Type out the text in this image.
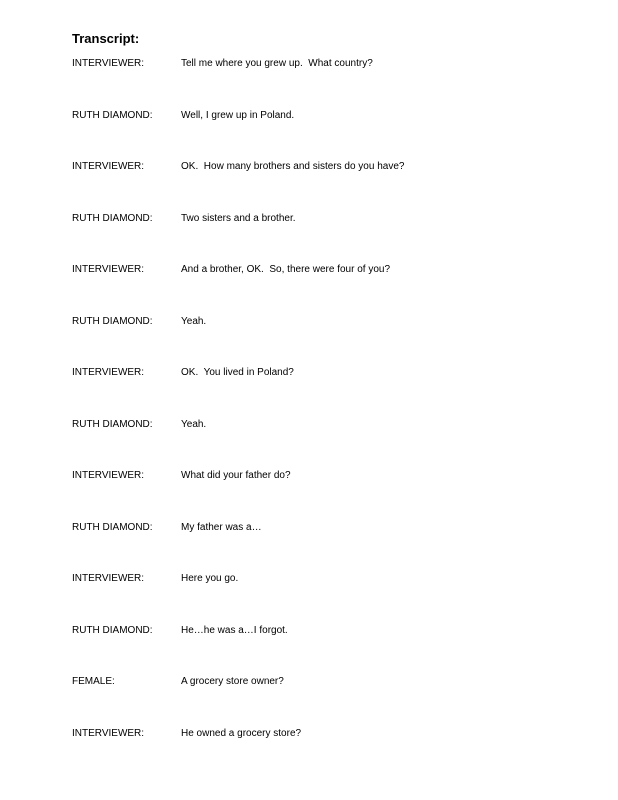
Transcript:
INTERVIEWER:	Tell me where you grew up.  What country?
RUTH DIAMOND:	Well, I grew up in Poland.
INTERVIEWER:	OK.  How many brothers and sisters do you have?
RUTH DIAMOND:	Two sisters and a brother.
INTERVIEWER:	And a brother, OK.  So, there were four of you?
RUTH DIAMOND:	Yeah.
INTERVIEWER:	OK.  You lived in Poland?
RUTH DIAMOND:	Yeah.
INTERVIEWER:	What did your father do?
RUTH DIAMOND:	My father was a…
INTERVIEWER:	Here you go.
RUTH DIAMOND:	He…he was a…I forgot.
FEMALE:	A grocery store owner?
INTERVIEWER:	He owned a grocery store?
